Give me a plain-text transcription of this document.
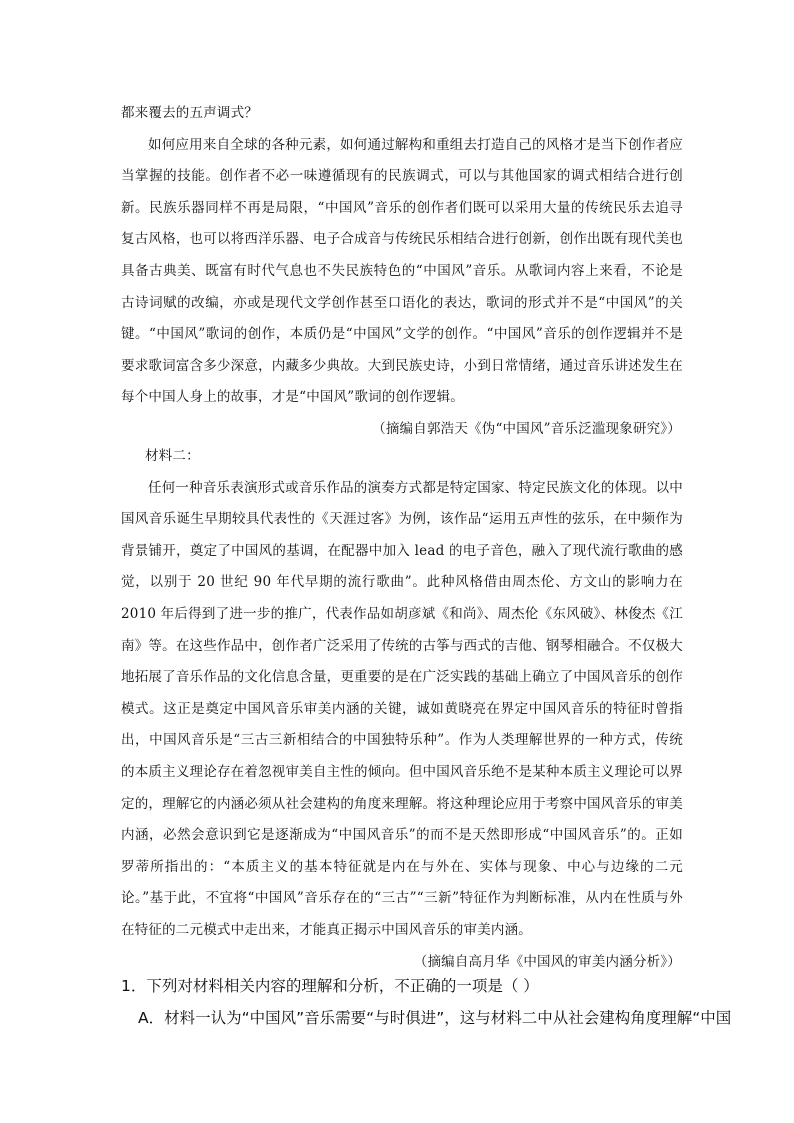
都来覆去的五声调式？

如何应用来自全球的各种元素，如何通过解构和重组去打造自己的风格才是当下创作者应当掌握的技能。创作者不必一味遵循现有的民族调式，可以与其他国家的调式相结合进行创新。民族乐器同样不再是局限，“中国风”音乐的创作者们既可以采用大量的传统民乐去追寻复古风格，也可以将西洋乐器、电子合成音与传统民乐相结合进行创新，创作出既有现代美也具备古典美、既富有时代气息也不失民族特色的“中国风”音乐。从歌词内容上来看，不论是古诗词赋的改编，亦或是现代文学创作甚至口语化的表达，歌词的形式并不是“中国风”的关键。“中国风”歌词的创作，本质仍是“中国风”文学的创作。“中国风”音乐的创作逻辑并不是要求歌词富含多少深意，内藏多少典故。大到民族史诗，小到日常情绪，通过音乐讲述发生在每个中国人身上的故事，才是“中国风”歌词的创作逻辑。

（摘编自郭浩天《伪“中国风”音乐泛滥现象研究》）

材料二：

任何一种音乐表演形式或音乐作品的演奏方式都是特定国家、特定民族文化的体现。以中国风音乐诞生早期较具代表性的《天涯过客》为例，该作品“运用五声性的弦乐，在中频作为背景铺开，奠定了中国风的基调，在配器中加入 lead 的电子音色，融入了现代流行歌曲的感觉，以别于 20 世纪 90 年代早期的流行歌曲”。此种风格借由周杰伦、方文山的影响力在 2010 年后得到了进一步的推广，代表作品如胡彦斌《和尚》、周杰伦《东风破》、林俊杰《江南》等。在这些作品中，创作者广泛采用了传统的古筝与西式的吉他、钢琴相融合。不仅极大地拓展了音乐作品的文化信息含量，更重要的是在广泛实践的基础上确立了中国风音乐的创作模式。这正是奠定中国风音乐审美内涵的关键，诚如黄晓亮在界定中国风音乐的特征时曾指出，中国风音乐是“三古三新相结合的中国独特乐种”。作为人类理解世界的一种方式，传统的本质主义理论存在着忽视审美自主性的倾向。但中国风音乐绝不是某种本质主义理论可以界定的，理解它的内涵必须从社会建构的角度来理解。将这种理论应用于考察中国风音乐的审美内涵，必然会意识到它是逐渐成为“中国风音乐”的而不是天然即形成“中国风音乐”的。正如罗蒂所指出的：“本质主义的基本特征就是内在与外在、实体与现象、中心与边缘的二元论。”基于此，不宜将“中国风”音乐存在的“三古”“三新”特征作为判断标准，从内在性质与外在特征的二元模式中走出来，才能真正揭示中国风音乐的审美内涵。

（摘编自高月华《中国风的审美内涵分析》）

1．下列对材料相关内容的理解和分析，不正确的一项是（ ）
A．材料一认为“中国风”音乐需要“与时俱进”，这与材料二中从社会建构角度理解“中国
